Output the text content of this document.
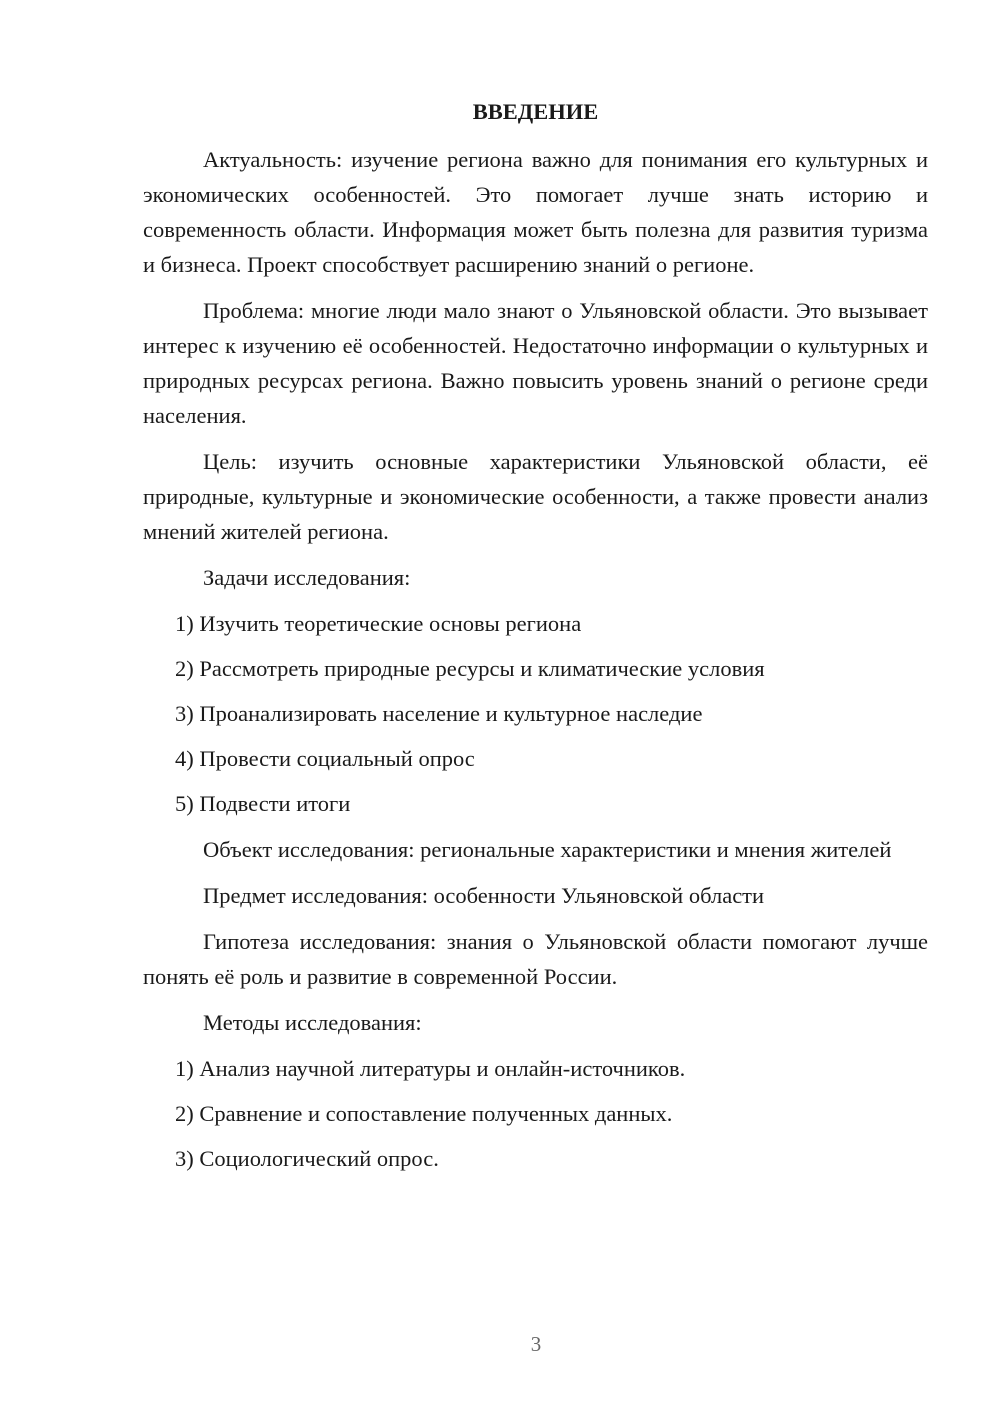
ВВЕДЕНИЕ

Актуальность: изучение региона важно для понимания его культурных и экономических особенностей. Это помогает лучше знать историю и современность области. Информация может быть полезна для развития туризма и бизнеса. Проект способствует расширению знаний о регионе.

Проблема: многие люди мало знают о Ульяновской области. Это вызывает интерес к изучению её особенностей. Недостаточно информации о культурных и природных ресурсах региона. Важно повысить уровень знаний о регионе среди населения.

Цель: изучить основные характеристики Ульяновской области, её природные, культурные и экономические особенности, а также провести анализ мнений жителей региона.

Задачи исследования:

1) Изучить теоретические основы региона
2) Рассмотреть природные ресурсы и климатические условия
3) Проанализировать население и культурное наследие
4) Провести социальный опрос
5) Подвести итоги

Объект исследования: региональные характеристики и мнения жителей

Предмет исследования: особенности Ульяновской области

Гипотеза исследования: знания о Ульяновской области помогают лучше понять её роль и развитие в современной России.

Методы исследования:

1) Анализ научной литературы и онлайн-источников.
2) Сравнение и сопоставление полученных данных.
3) Социологический опрос.
3
